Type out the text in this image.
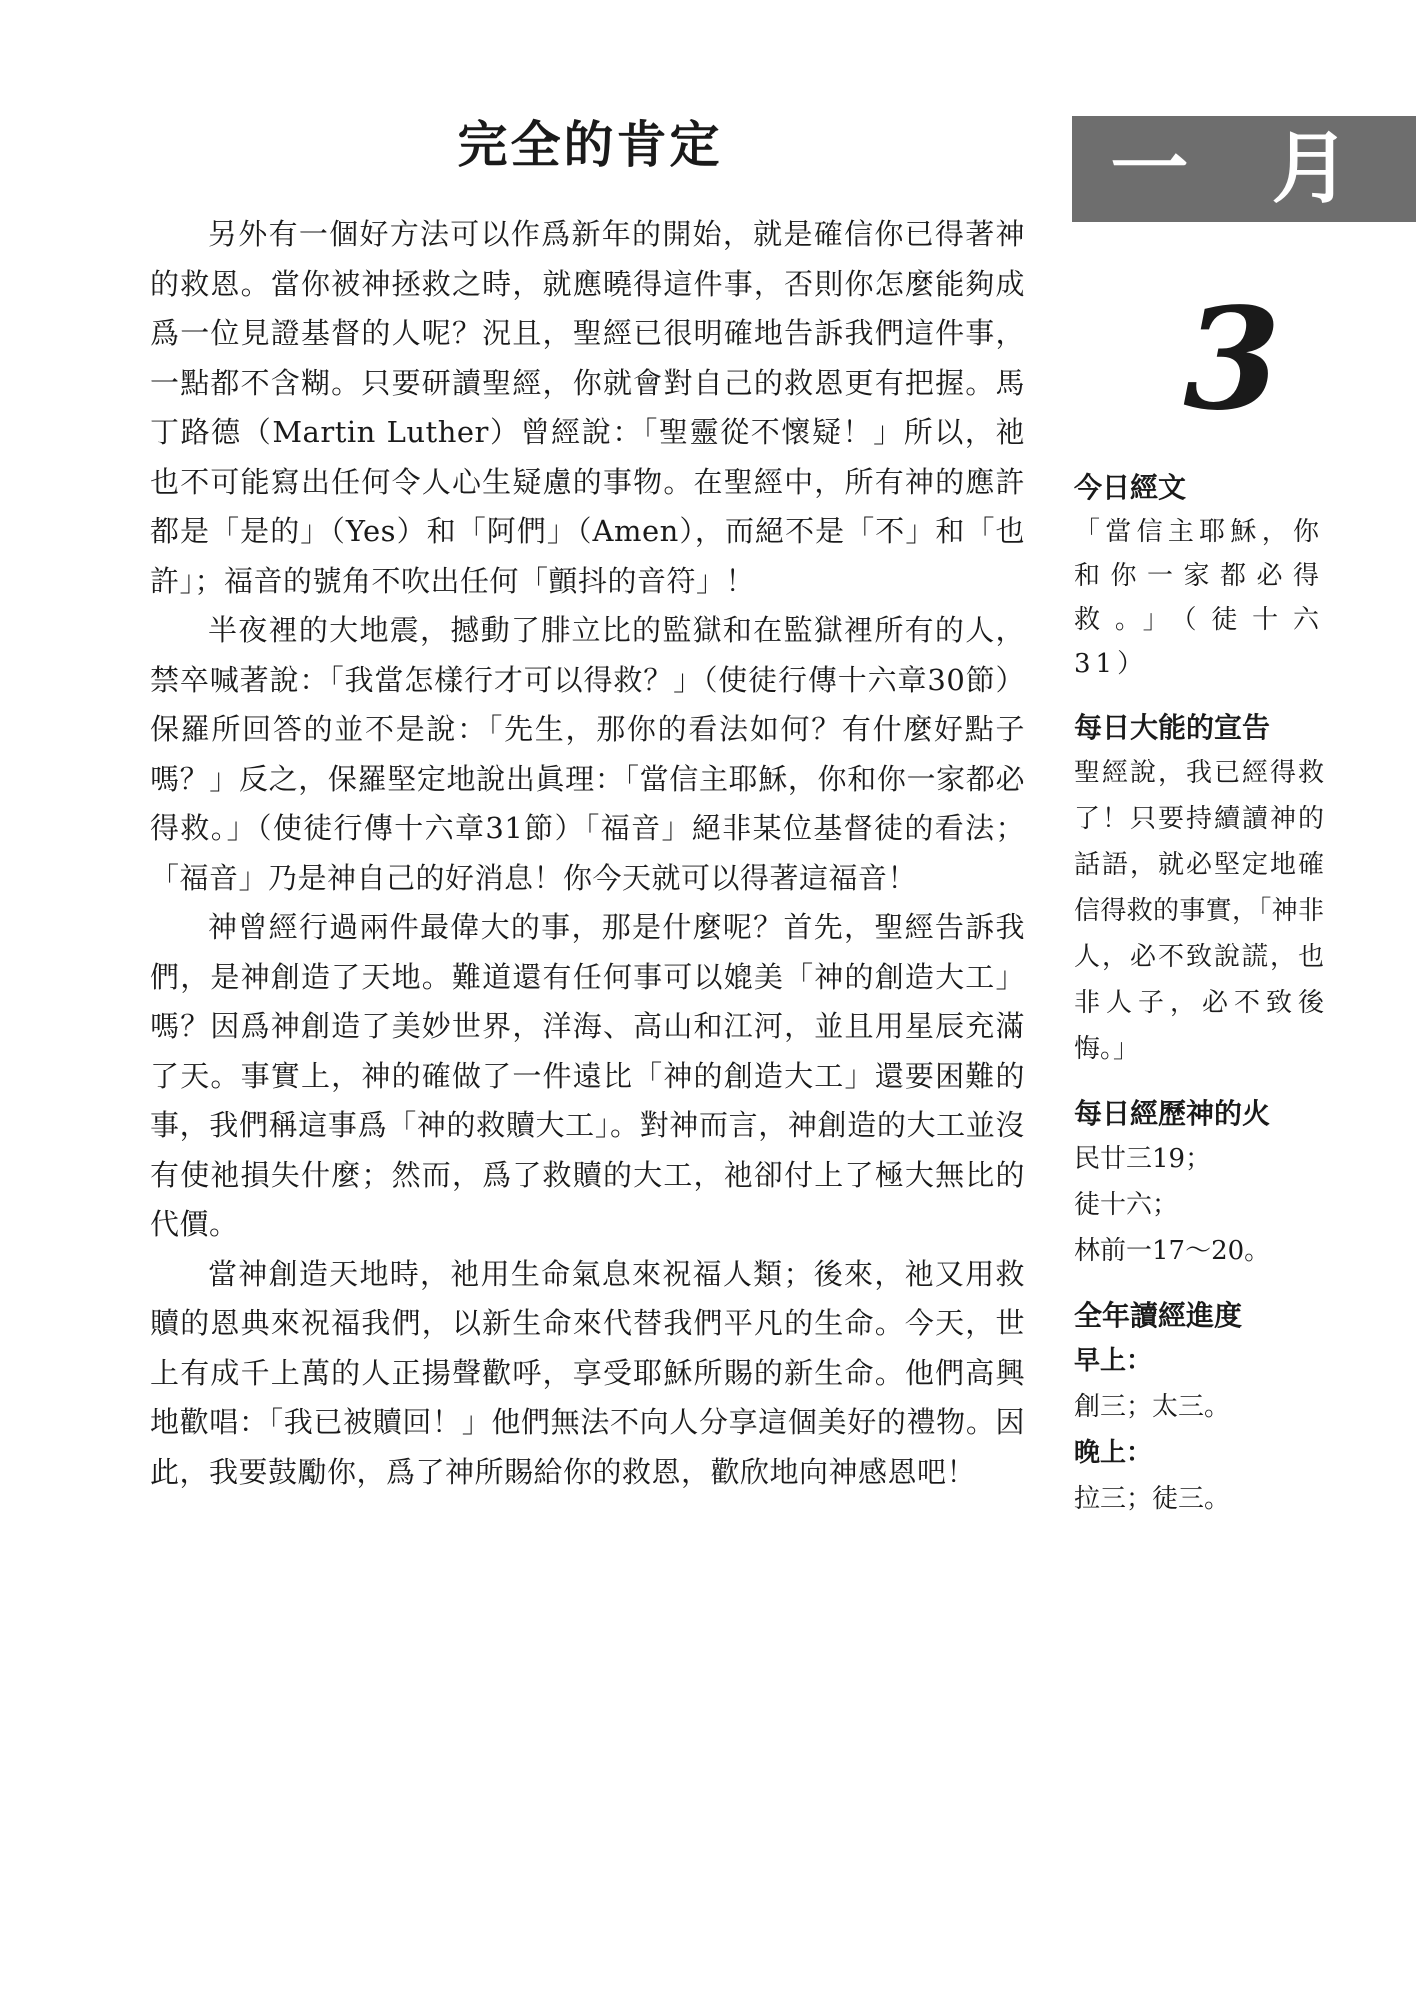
完全的肯定

另外有一個好方法可以作爲新年的開始，就是確信你已得著神的救恩。當你被神拯救之時，就應曉得這件事，否則你怎麼能夠成爲一位見證基督的人呢？況且，聖經已很明確地告訴我們這件事，一點都不含糊。只要研讀聖經，你就會對自己的救恩更有把握。馬丁路德（Martin Luther）曾經說：「聖靈從不懷疑！」所以，祂也不可能寫出任何令人心生疑慮的事物。在聖經中，所有神的應許都是「是的」（Yes）和「阿們」（Amen），而絕不是「不」和「也許」；福音的號角不吹出任何「顫抖的音符」！

半夜裡的大地震，撼動了腓立比的監獄和在監獄裡所有的人，禁卒喊著說：「我當怎樣行才可以得救？」（使徒行傳十六章30節）保羅所回答的並不是說：「先生，那你的看法如何？有什麼好點子嗎？」反之，保羅堅定地說出眞理：「當信主耶穌，你和你一家都必得救。」（使徒行傳十六章31節）「福音」絕非某位基督徒的看法；「福音」乃是神自己的好消息！你今天就可以得著這福音！

神曾經行過兩件最偉大的事，那是什麼呢？首先，聖經告訴我們，是神創造了天地。難道還有任何事可以媲美「神的創造大工」嗎？因爲神創造了美妙世界，洋海、高山和江河，並且用星辰充滿了天。事實上，神的確做了一件遠比「神的創造大工」還要困難的事，我們稱這事爲「神的救贖大工」。對神而言，神創造的大工並沒有使祂損失什麼；然而，爲了救贖的大工，祂卻付上了極大無比的代價。

當神創造天地時，祂用生命氣息來祝福人類；後來，祂又用救贖的恩典來祝福我們，以新生命來代替我們平凡的生命。今天，世上有成千上萬的人正揚聲歡呼，享受耶穌所賜的新生命。他們高興地歡唱：「我已被贖回！」他們無法不向人分享這個美好的禮物。因此，我要鼓勵你，爲了神所賜給你的救恩，歡欣地向神感恩吧！

一 月
3
今日經文
「當信主耶穌，你和你一家都必得救。」（徒十六31）
每日大能的宣告
聖經說，我已經得救了！只要持續讀神的話語，就必堅定地確信得救的事實，「神非人，必不致說謊，也非人子，必不致後悔。」
每日經歷神的火
民廿三19；
徒十六；
林前一17～20。
全年讀經進度
早上：
創三；太三。
晚上：
拉三；徒三。
